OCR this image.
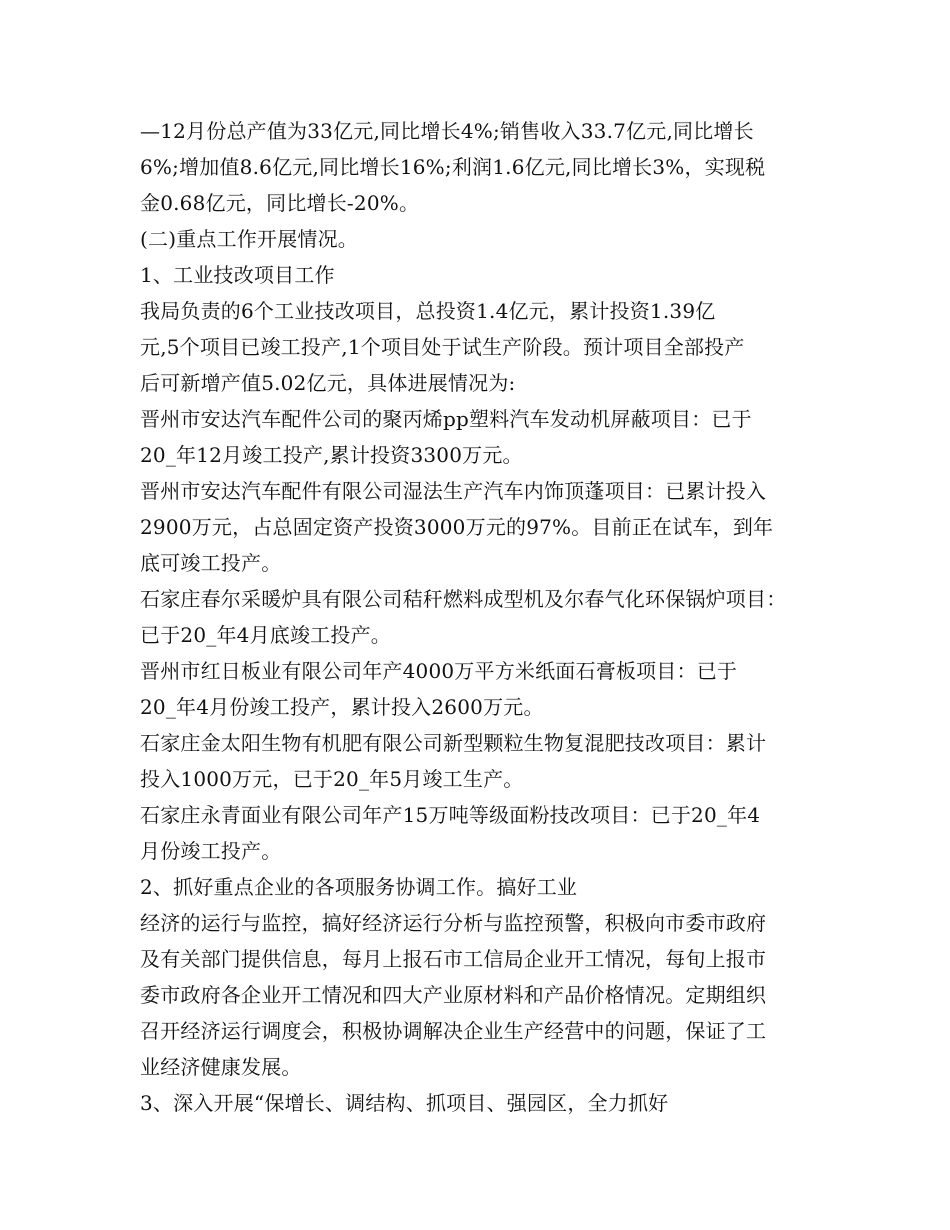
—12月份总产值为33亿元,同比增长4%;销售收入33.7亿元,同比增长
6%;增加值8.6亿元,同比增长16%;利润1.6亿元,同比增长3%，实现税
金0.68亿元，同比增长-20%。
(二)重点工作开展情况。
1、工业技改项目工作
我局负责的6个工业技改项目，总投资1.4亿元，累计投资1.39亿
元,5个项目已竣工投产,1个项目处于试生产阶段。预计项目全部投产
后可新增产值5.02亿元，具体进展情况为:
晋州市安达汽车配件公司的聚丙烯pp塑料汽车发动机屏蔽项目：已于
20_年12月竣工投产,累计投资3300万元。
晋州市安达汽车配件有限公司湿法生产汽车内饰顶蓬项目：已累计投入
2900万元，占总固定资产投资3000万元的97%。目前正在试车，到年
底可竣工投产。
石家庄春尔采暖炉具有限公司秸秆燃料成型机及尔春气化环保锅炉项目：
已于20_年4月底竣工投产。
晋州市红日板业有限公司年产4000万平方米纸面石膏板项目：已于
20_年4月份竣工投产，累计投入2600万元。
石家庄金太阳生物有机肥有限公司新型颗粒生物复混肥技改项目：累计
投入1000万元，已于20_年5月竣工生产。
石家庄永青面业有限公司年产15万吨等级面粉技改项目：已于20_年4
月份竣工投产。
2、抓好重点企业的各项服务协调工作。搞好工业
经济的运行与监控，搞好经济运行分析与监控预警，积极向市委市政府
及有关部门提供信息，每月上报石市工信局企业开工情况，每旬上报市
委市政府各企业开工情况和四大产业原材料和产品价格情况。定期组织
召开经济运行调度会，积极协调解决企业生产经营中的问题，保证了工
业经济健康发展。
3、深入开展“保增长、调结构、抓项目、强园区，全力抓好
